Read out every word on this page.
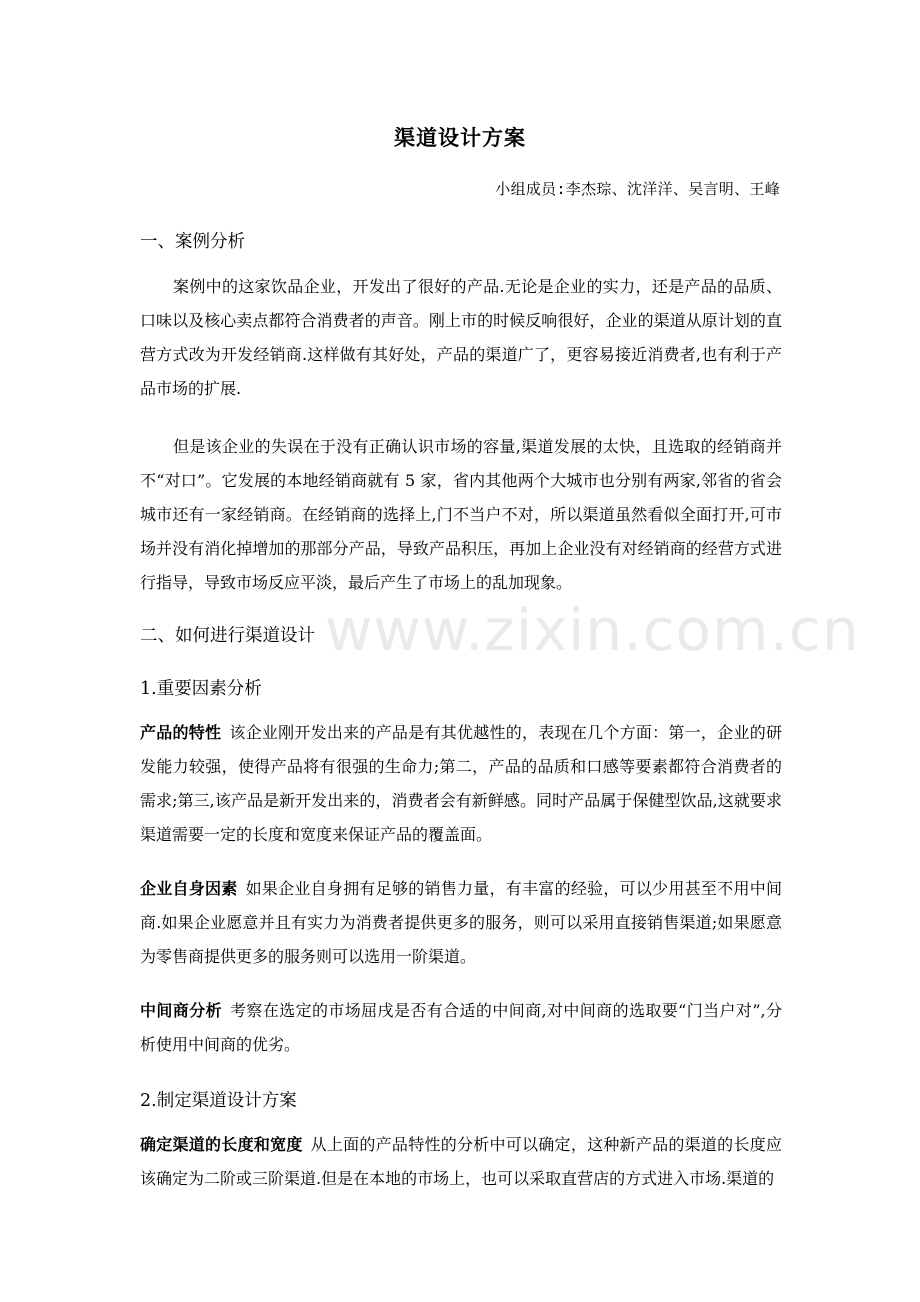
渠道设计方案
小组成员:李杰琮、沈洋洋、吴言明、王峰
一、案例分析
案例中的这家饮品企业，开发出了很好的产品.无论是企业的实力，还是产品的品质、口味以及核心卖点都符合消费者的声音。刚上市的时候反响很好，企业的渠道从原计划的直营方式改为开发经销商.这样做有其好处，产品的渠道广了，更容易接近消费者,也有利于产品市场的扩展.
但是该企业的失误在于没有正确认识市场的容量,渠道发展的太快，且选取的经销商并不“对口”。它发展的本地经销商就有 5 家，省内其他两个大城市也分别有两家,邻省的省会城市还有一家经销商。在经销商的选择上,门不当户不对，所以渠道虽然看似全面打开,可市场并没有消化掉增加的那部分产品，导致产品积压，再加上企业没有对经销商的经营方式进行指导，导致市场反应平淡，最后产生了市场上的乱加现象。
二、如何进行渠道设计
1.重要因素分析
产品的特性 该企业刚开发出来的产品是有其优越性的，表现在几个方面：第一，企业的研发能力较强，使得产品将有很强的生命力;第二，产品的品质和口感等要素都符合消费者的需求;第三,该产品是新开发出来的，消费者会有新鲜感。同时产品属于保健型饮品,这就要求渠道需要一定的长度和宽度来保证产品的覆盖面。
企业自身因素 如果企业自身拥有足够的销售力量，有丰富的经验，可以少用甚至不用中间商.如果企业愿意并且有实力为消费者提供更多的服务，则可以采用直接销售渠道;如果愿意为零售商提供更多的服务则可以选用一阶渠道。
中间商分析 考察在选定的市场屈戌是否有合适的中间商,对中间商的选取要“门当户对”,分析使用中间商的优劣。
2.制定渠道设计方案
确定渠道的长度和宽度 从上面的产品特性的分析中可以确定，这种新产品的渠道的长度应该确定为二阶或三阶渠道.但是在本地的市场上，也可以采取直营店的方式进入市场.渠道的
www.zixin.com.cn
